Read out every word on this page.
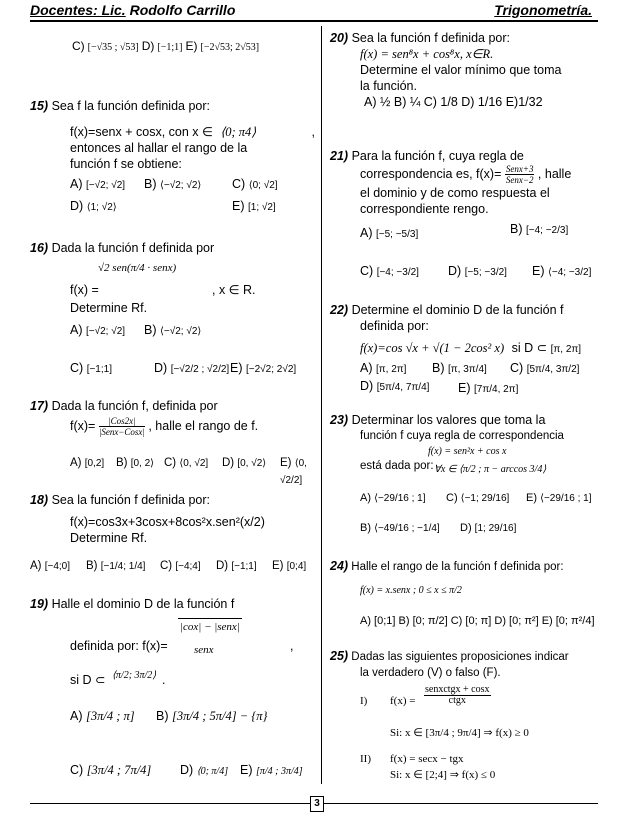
Docentes: Lic. Rodolfo Carrillo	Trigonometría.
C) [−√35 ; √53] D) [−1;1] E) [−2√53; 2√53]
15) Sea f la función definida por:
f(x)=senx + cosx, con x ∈ ⟨0; π4⟩	,
entonces al hallar el rango de la
función f se obtiene:
A) [−√2; √2] B) ⟨−√2; √2⟩ C) ⟨0; √2]
D) ⟨1; √2⟩	E) [1; √2]
16) Dada la función f definida por
√2 sen(π/4 · senx)
f(x) =	, x ∈ R.
Determine Rf.
A) [−√2; √2] B) ⟨−√2; √2⟩
C) [−1;1]	D) [−√2/2 ; √2/2] E) [−2√2; 2√2]
17) Dada la función f, definida por
$f(x)= \frac{\text{|Cos2x|}}{\text{|Senx−Cosx|}}$ , halle el rango de f.
A) [0,2] B) [0, 2⟩ C) ⟨0, √2] D) [0, √2⟩ E) ⟨0, √2/2]
18) Sea la función f definida por:
f(x)=cos3x+3cosx+8cos²x.sen²(x/2)
Determine Rf.
A) [−4;0] B) [−1/4; 1/4] C) [−4;4] D) [−1;1] E) [0;4]
19) Halle el dominio D de la función f
|cox| − |senx|
senx
definida por: f(x)=	,
si D ⊂ ⟨π/2; 3π/2⟩ .
A) [3π/4 ; π] B) [3π/4 ; 5π/4] − {π}
C) [3π/4 ; 7π/4] D) ⟨0; π/4] E) [π/4 ; 3π/4]
20) Sea la función f definida por:
f(x) = sen⁸x + cos⁸x, x∈R.
Determine el valor mínimo que toma
la función.
A) ½ B) ¼ C) 1/8 D) 1/16 E)1/32
21) Para la función f, cuya regla de
correspondencia es, $f(x)= \frac{\text{Senx+3}}{\text{Senx−2}}$ , halle
el dominio y de como respuesta el
correspondiente rengo.
A) [−5; −5/3]	B) [−4; −2/3]
C) [−4; −3/2] D) [−5; −3/2] E) ⟨−4; −3/2]
22) Determine el dominio D de la función f
definida por:
f(x)=cos √x + √(1 − 2cos² x) si D ⊂ [π, 2π]
A) [π, 2π] B) [π, 3π/4] C) [5π/4, 3π/2]
D) [5π/4, 7π/4] E) [7π/4, 2π]
23) Determinar los valores que toma la
función f cuya regla de correspondencia
f(x) = sen²x + cos x
está dada por: ∀x ∈ ⟨π/2 ; π − arccos 3/4⟩
A) ⟨−29/16 ; 1] C) ⟨−1; 29/16] E) ⟨−29/16 ; 1]
B) ⟨−49/16 ; −1/4] D) [1; 29/16]
24) Halle el rango de la función f definida por:
f(x) = x.senx ; 0 ≤ x ≤ π/2
A) [0;1] B) [0; π/2] C) [0; π] D) [0; π²] E) [0; π²/4]
25) Dadas las siguientes proposiciones indicar
la verdadero (V) o falso (F).
I) f(x) =
senxctgx + cosx
ctgx
Si: x ∈ [3π/4 ; 9π/4] ⇒ f(x) ≥ 0
II) f(x) = secx − tgx
Si: x ∈ [2;4] ⇒ f(x) ≤ 0
3
